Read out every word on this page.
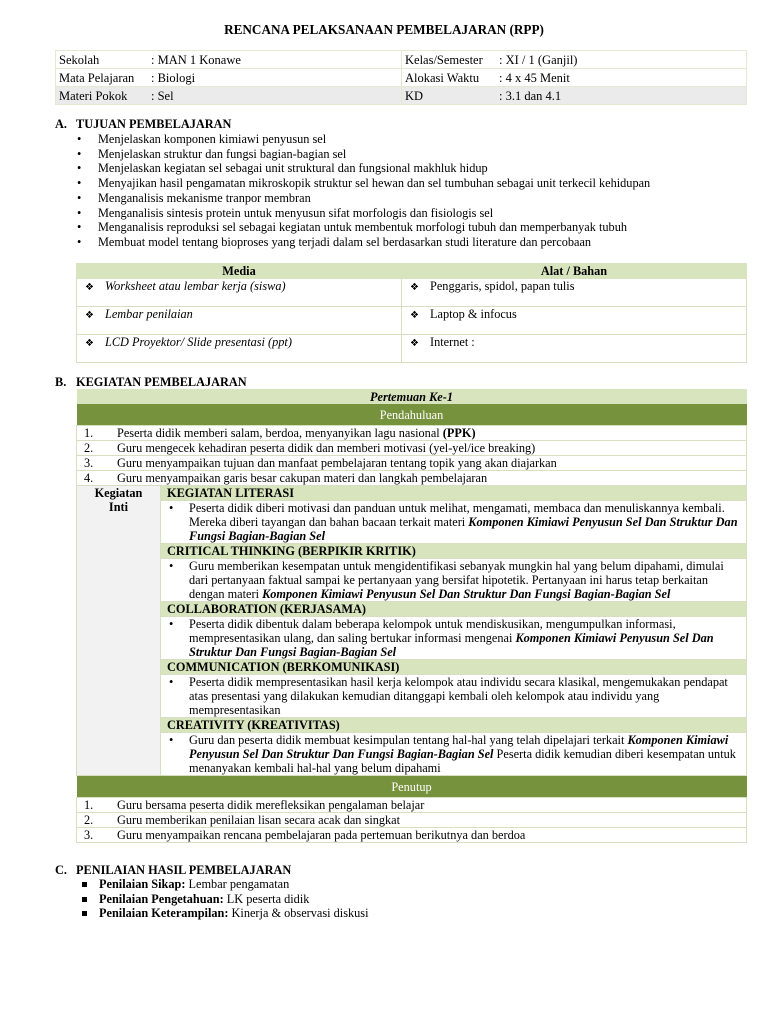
RENCANA PELAKSANAAN PEMBELAJARAN (RPP)
Sekolah : MAN 1 Konawe	Kelas/Semester : XI / 1 (Ganjil)
Mata Pelajaran : Biologi	Alokasi Waktu : 4 x 45 Menit
Materi Pokok : Sel	KD : 3.1 dan 4.1
A. TUJUAN PEMBELAJARAN
• Menjelaskan komponen kimiawi penyusun sel
• Menjelaskan struktur dan fungsi bagian-bagian sel
• Menjelaskan kegiatan sel sebagai unit struktural dan fungsional makhluk hidup
• Menyajikan hasil pengamatan mikroskopik struktur sel hewan dan sel tumbuhan sebagai unit terkecil kehidupan
• Menganalisis mekanisme tranpor membran
• Menganalisis sintesis protein untuk menyusun sifat morfologis dan fisiologis sel
• Menganalisis reproduksi sel sebagai kegiatan untuk membentuk morfologi tubuh dan memperbanyak tubuh
• Membuat model tentang bioproses yang terjadi dalam sel berdasarkan studi literature dan percobaan
Media	Alat / Bahan
❖ Worksheet atau lembar kerja (siswa)	❖ Penggaris, spidol, papan tulis
❖ Lembar penilaian	❖ Laptop & infocus
❖ LCD Proyektor/ Slide presentasi (ppt)	❖ Internet :
B. KEGIATAN PEMBELAJARAN
Pertemuan Ke-1
Pendahuluan
1. Peserta didik memberi salam, berdoa, menyanyikan lagu nasional (PPK)
2. Guru mengecek kehadiran peserta didik dan memberi motivasi (yel-yel/ice breaking)
3. Guru menyampaikan tujuan dan manfaat pembelajaran tentang topik yang akan diajarkan
4. Guru menyampaikan garis besar cakupan materi dan langkah pembelajaran

Kegiatan
Inti
	KEGIATAN LITERASI

• Peserta didik diberi motivasi dan panduan untuk melihat, mengamati, membaca dan menuliskannya kembali. Mereka diberi tayangan dan bahan bacaan terkait materi Komponen Kimiawi Penyusun Sel Dan Struktur Dan Fungsi Bagian-Bagian Sel

CRITICAL THINKING (BERPIKIR KRITIK)

• Guru memberikan kesempatan untuk mengidentifikasi sebanyak mungkin hal yang belum dipahami, dimulai dari pertanyaan faktual sampai ke pertanyaan yang bersifat hipotetik. Pertanyaan ini harus tetap berkaitan dengan materi Komponen Kimiawi Penyusun Sel Dan Struktur Dan Fungsi Bagian-Bagian Sel

COLLABORATION (KERJASAMA)

• Peserta didik dibentuk dalam beberapa kelompok untuk mendiskusikan, mengumpulkan informasi, mempresentasikan ulang, dan saling bertukar informasi mengenai Komponen Kimiawi Penyusun Sel Dan Struktur Dan Fungsi Bagian-Bagian Sel

COMMUNICATION (BERKOMUNIKASI)

• Peserta didik mempresentasikan hasil kerja kelompok atau individu secara klasikal, mengemukakan pendapat atas presentasi yang dilakukan kemudian ditanggapi kembali oleh kelompok atau individu yang mempresentasikan

CREATIVITY (KREATIVITAS)

• Guru dan peserta didik membuat kesimpulan tentang hal-hal yang telah dipelajari terkait Komponen Kimiawi Penyusun Sel Dan Struktur Dan Fungsi Bagian-Bagian Sel Peserta didik kemudian diberi kesempatan untuk menanyakan kembali hal-hal yang belum dipahami

Penutup
1. Guru bersama peserta didik merefleksikan pengalaman belajar
2. Guru memberikan penilaian lisan secara acak dan singkat
3. Guru menyampaikan rencana pembelajaran pada pertemuan berikutnya dan berdoa
C. PENILAIAN HASIL PEMBELAJARAN
Penilaian Sikap: Lembar pengamatan
Penilaian Pengetahuan: LK peserta didik
Penilaian Keterampilan: Kinerja & observasi diskusi
